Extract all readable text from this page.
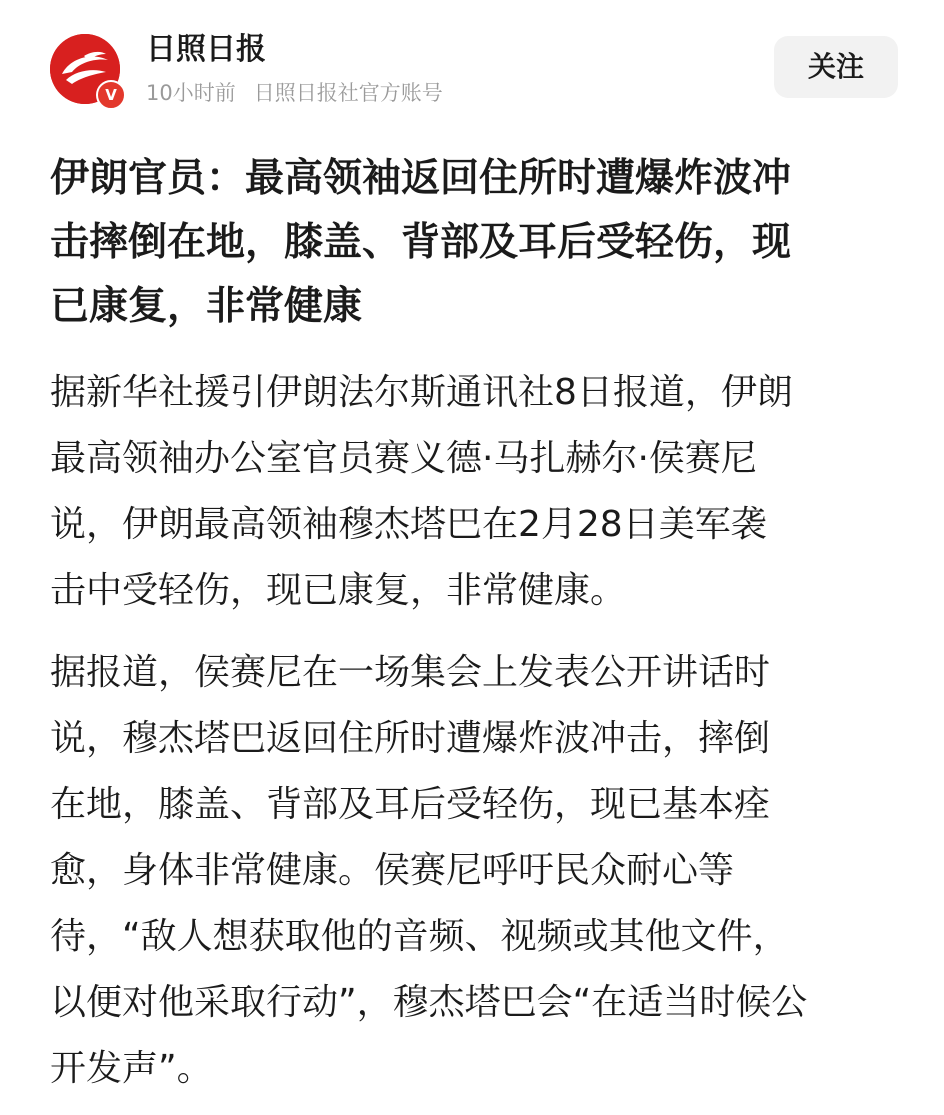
V
日照日报
10小时前 日照日报社官方账号
关注
伊朗官员：最高领袖返回住所时遭爆炸波冲
击摔倒在地，膝盖、背部及耳后受轻伤，现
已康复，非常健康

据新华社援引伊朗法尔斯通讯社8日报道，伊朗
最高领袖办公室官员赛义德·马扎赫尔·侯赛尼
说，伊朗最高领袖穆杰塔巴在2月28日美军袭
击中受轻伤，现已康复，非常健康。

据报道，侯赛尼在一场集会上发表公开讲话时
说，穆杰塔巴返回住所时遭爆炸波冲击，摔倒
在地，膝盖、背部及耳后受轻伤，现已基本痊
愈，身体非常健康。侯赛尼呼吁民众耐心等
待，“敌人想获取他的音频、视频或其他文件，
以便对他采取行动”，穆杰塔巴会“在适当时候公
开发声”。
